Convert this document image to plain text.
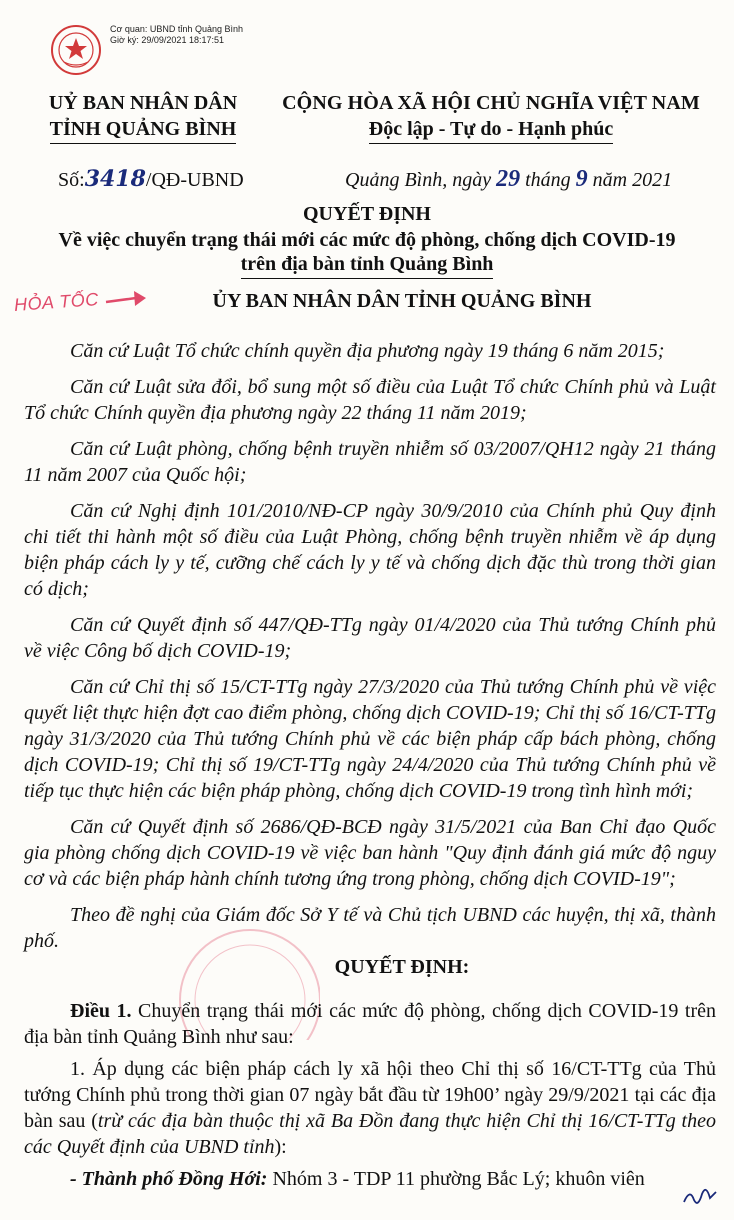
Cơ quan: UBND tỉnh Quảng Bình
Giờ ký: 29/09/2021 18:17:51
UỶ BAN NHÂN DÂN
TỈNH QUẢNG BÌNH
CỘNG HÒA XÃ HỘI CHỦ NGHĨA VIỆT NAM
Độc lập - Tự do - Hạnh phúc
Số:3418/QĐ-UBND	Quảng Bình, ngày 29 tháng 9 năm 2021
QUYẾT ĐỊNH
Về việc chuyển trạng thái mới các mức độ phòng, chống dịch COVID-19
trên địa bàn tỉnh Quảng Bình
HỎA TỐC	ỦY BAN NHÂN DÂN TỈNH QUẢNG BÌNH

Căn cứ Luật Tổ chức chính quyền địa phương ngày 19 tháng 6 năm 2015;

Căn cứ Luật sửa đổi, bổ sung một số điều của Luật Tổ chức Chính phủ và Luật Tổ chức Chính quyền địa phương ngày 22 tháng 11 năm 2019;

Căn cứ Luật phòng, chống bệnh truyền nhiễm số 03/2007/QH12 ngày 21 tháng 11 năm 2007 của Quốc hội;

Căn cứ Nghị định 101/2010/NĐ-CP ngày 30/9/2010 của Chính phủ Quy định chi tiết thi hành một số điều của Luật Phòng, chống bệnh truyền nhiễm về áp dụng biện pháp cách ly y tế, cưỡng chế cách ly y tế và chống dịch đặc thù trong thời gian có dịch;

Căn cứ Quyết định số 447/QĐ-TTg ngày 01/4/2020 của Thủ tướng Chính phủ về việc Công bố dịch COVID-19;

Căn cứ Chỉ thị số 15/CT-TTg ngày 27/3/2020 của Thủ tướng Chính phủ về việc quyết liệt thực hiện đợt cao điểm phòng, chống dịch COVID-19; Chỉ thị số 16/CT-TTg ngày 31/3/2020 của Thủ tướng Chính phủ về các biện pháp cấp bách phòng, chống dịch COVID-19; Chỉ thị số 19/CT-TTg ngày 24/4/2020 của Thủ tướng Chính phủ về tiếp tục thực hiện các biện pháp phòng, chống dịch COVID-19 trong tình hình mới;

Căn cứ Quyết định số 2686/QĐ-BCĐ ngày 31/5/2021 của Ban Chỉ đạo Quốc gia phòng chống dịch COVID-19 về việc ban hành "Quy định đánh giá mức độ nguy cơ và các biện pháp hành chính tương ứng trong phòng, chống dịch COVID-19";

Theo đề nghị của Giám đốc Sở Y tế và Chủ tịch UBND các huyện, thị xã, thành phố.

QUYẾT ĐỊNH:

Điều 1. Chuyển trạng thái mới các mức độ phòng, chống dịch COVID-19 trên địa bàn tỉnh Quảng Bình như sau:

1. Áp dụng các biện pháp cách ly xã hội theo Chỉ thị số 16/CT-TTg của Thủ tướng Chính phủ trong thời gian 07 ngày bắt đầu từ 19h00’ ngày 29/9/2021 tại các địa bàn sau (trừ các địa bàn thuộc thị xã Ba Đồn đang thực hiện Chỉ thị 16/CT-TTg theo các Quyết định của UBND tỉnh):

- Thành phố Đồng Hới: Nhóm 3 - TDP 11 phường Bắc Lý; khuôn viên
